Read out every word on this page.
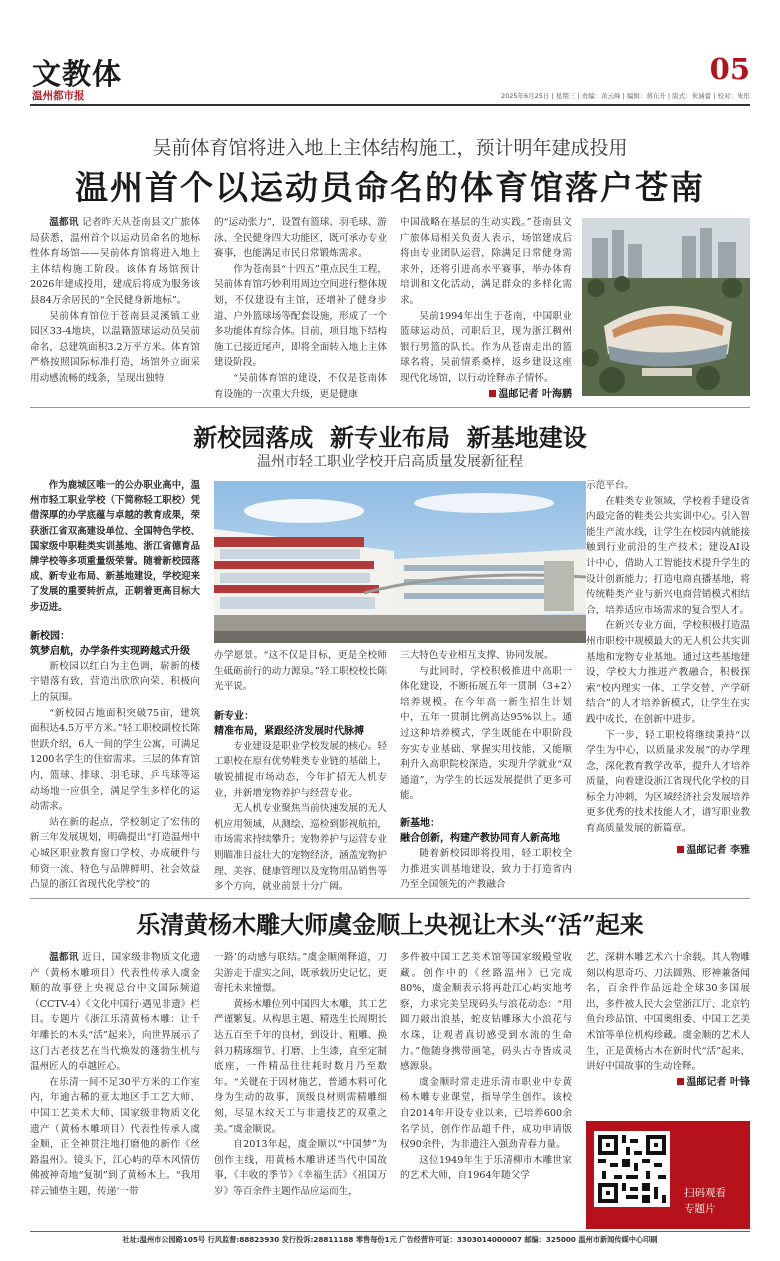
文教体
温州都市报
05
2025年6月25日 | 星期三 | 责编：黄云峰 | 编辑：蒋东升 | 版式：朱涵蕾 | 校对：朱彤
吴前体育馆将进入地上主体结构施工，预计明年建成投用
温州首个以运动员命名的体育馆落户苍南

温都讯 记者昨天从苍南县文广旅体局获悉，温州首个以运动员命名的地标性体育场馆——吴前体育馆将进入地上主体结构施工阶段。该体育场馆预计2026年建成投用，建成后将成为服务该县84万余居民的“全民健身新地标”。

吴前体育馆位于苍南县灵溪镇工业园区33-4地块，以温籍篮球运动员吴前命名，总建筑面积3.2万平方米。体育馆严格按照国际标准打造，场馆外立面采用动感流畅的线条，呈现出独特

的“运动张力”，设置有篮球、羽毛球、游泳、全民健身四大功能区，既可承办专业赛事，也能满足市民日常锻炼需求。

作为苍南县“十四五”重点民生工程，吴前体育馆巧妙利用周边空间进行整体规划，不仅建设有主馆，还增补了健身步道、户外篮球场等配套设施，形成了一个多功能体育综合体。目前，项目地下结构施工已接近尾声，即将全面转入地上主体建设阶段。

“吴前体育馆的建设，不仅是苍南体育设施的一次重大升级，更是健康

中国战略在基层的生动实践。”苍南县文广旅体局相关负责人表示，场馆建成后将由专业团队运营，除满足日常健身需求外，还将引进高水平赛事，举办体育培训和文化活动，满足群众的多样化需求。

吴前1994年出生于苍南，中国职业篮球运动员，司职后卫，现为浙江稠州银行男篮的队长。作为从苍南走出的篮球名将，吴前情系桑梓，返乡建设这座现代化场馆，以行动诠释赤子情怀。

温邮记者 叶海鹏
新校园落成  新专业布局  新基地建设
温州市轻工职业学校开启高质量发展新征程

作为鹿城区唯一的公办职业高中，温州市轻工职业学校（下简称轻工职校）凭借深厚的办学底蕴与卓越的教育成果，荣获浙江省双高建设单位、全国特色学校、国家级中职鞋类实训基地、浙江省德育品牌学校等多项重量级荣誉。随着新校园落成、新专业布局、新基地建设，学校迎来了发展的重要转折点，正朝着更高目标大步迈进。

新校园：
筑梦启航，办学条件实现跨越式升级

新校园以红白为主色调，崭新的楼宇错落有致，营造出欣欣向荣、积极向上的氛围。

“新校园占地面积突破75亩，建筑面积达4.5万平方米。”轻工职校副校长陈世跃介绍，6人一间的学生公寓，可满足1200名学生的住宿需求。三层的体育馆内，篮球、排球、羽毛球、乒乓球等运动场地一应俱全，满足学生多样化的运动需求。

站在新的起点，学校制定了宏伟的新三年发展规划，明确提出“打造温州中心城区职业教育窗口学校、办成硬件与师资一流、特色与品牌鲜明、社会效益凸显的浙江省现代化学校”的

办学愿景。“这不仅是目标，更是全校师生砥砺前行的动力源泉。”轻工职校校长陈光平说。

新专业：
精准布局，紧跟经济发展时代脉搏

专业建设是职业学校发展的核心。轻工职校在原有优势鞋类专业链的基础上，敏锐捕捉市场动态，今年扩招无人机专业，并新增宠物养护与经营专业。

无人机专业聚焦当前快速发展的无人机应用领域，从测绘、巡检到影视航拍，市场需求持续攀升；宠物养护与运营专业则瞄准日益壮大的宠物经济，涵盖宠物护理、美容、健康管理以及宠物用品销售等多个方向，就业前景十分广阔。

三大特色专业相互支撑、协同发展。

与此同时，学校积极推进中高职一体化建设，不断拓展五年一贯制（3+2）培养规模。在今年高一新生招生计划中，五年一贯制比例高达95%以上。通过这种培养模式，学生既能在中职阶段夯实专业基础、掌握实用技能，又能顺利升入高职院校深造，实现升学就业“双通道”，为学生的长远发展提供了更多可能。

新基地：
融合创新，构建产教协同育人新高地

随着新校园即将投用，轻工职校全力推进实训基地建设，致力于打造省内乃至全国领先的产教融合

示范平台。

在鞋类专业领域，学校着手建设省内最完备的鞋类公共实训中心。引入智能生产流水线，让学生在校园内就能接触到行业前沿的生产技术；建设AI设计中心，借助人工智能技术提升学生的设计创新能力；打造电商直播基地，将传统鞋类产业与新兴电商营销模式相结合，培养适应市场需求的复合型人才。

在新兴专业方面，学校积极打造温州市职校中规模最大的无人机公共实训基地和宠物专业基地。通过这些基地建设，学校大力推进产教融合，积极探索“校内理实一体、工学交替、产学研结合”的人才培养新模式，让学生在实践中成长，在创新中进步。

下一步，轻工职校将继续秉持“以学生为中心，以质量求发展”的办学理念，深化教育教学改革，提升人才培养质量，向着建设浙江省现代化学校的目标全力冲刺，为区域经济社会发展培养更多优秀的技术技能人才，谱写职业教育高质量发展的新篇章。

温邮记者 李雅
乐清黄杨木雕大师虞金顺上央视让木头“活”起来

温都讯 近日，国家级非物质文化遗产（黄杨木雕项目）代表性传承人虞金顺的故事登上央视总台中文国际频道（CCTV-4）《文化中国行·遇见非遗》栏目。专题片《浙江乐清黄杨木雕：让千年雕长的木头“活”起来》，向世界展示了这门古老技艺在当代焕发的蓬勃生机与温州匠人的卓越匠心。

在乐清一间不足30平方米的工作室内，年逾古稀的亚太地区手工艺大师、中国工艺美术大师、国家级非物质文化遗产（黄杨木雕项目）代表性传承人虞金顺，正全神贯注地打磨他的新作《丝路温州》。镜头下，江心屿的草木风情仿佛被神奇地“复制”到了黄杨木上。“我用祥云铺垫主题，传递‘一带

一路’的动感与联结。”虞金顺阐释道，刀尖游走于虚实之间，既承载历史记忆，更寄托未来憧憬。

黄杨木雕位列中国四大木雕，其工艺严谨繁复。从构思主题、精选生长周期长达五百至千年的良材，到设计、粗雕、换斜刀精琢细节、打磨、上生漆，直至定制底座，一件精品往往耗时数月乃至数年。“关键在于因材施艺，普通木料可化身为生动的故事，顶级良材则需精雕细刻，尽显木纹天工与非遗技艺的双重之美。”虞金顺说。

自2013年起，虞金顺以“中国梦”为创作主线，用黄杨木雕讲述当代中国故事，《丰收的季节》《幸福生活》《祖国万岁》等百余件主题作品应运而生，

多件被中国工艺美术馆等国家级殿堂收藏。创作中的《丝路温州》已完成80%，虞金顺表示将再赴江心屿实地考察，力求完美呈现码头与浪花动态：“用圆刀敲出浪基，蛇皮钻雕琢大小浪花与水珠，让观者真切感受到水流的生命力。”他随身携带画笔，码头古寺皆成灵感源泉。

虞金顺时常走进乐清市职业中专黄杨木雕专业课堂，指导学生创作。该校自2014年开设专业以来，已培养600余名学员，创作作品超千件，成功申请版权90余件，为非遗注入强劲青春力量。

这位1949年生于乐清柳市木雕世家的艺术大师，自1964年随父学

艺，深耕木雕艺术六十余载。其人物雕刻以构思奇巧、刀法圆熟、形神兼备闻名，百余件作品远赴全球30多国展出，多件被人民大会堂浙江厅、北京钓鱼台珍品馆、中国奥组委、中国工艺美术馆等单位机构珍藏。虞金顺的艺术人生，正是黄杨古木在新时代“活”起来、讲好中国故事的生动诠释。

温邮记者 叶锋
扫码观看
专题片
社址:温州市公园路105号 行风监督:88823930 发行投诉:28811188 零售每份1元 广告经营许可证：3303014000007 邮编：325000 温州市新闻传媒中心印刷
